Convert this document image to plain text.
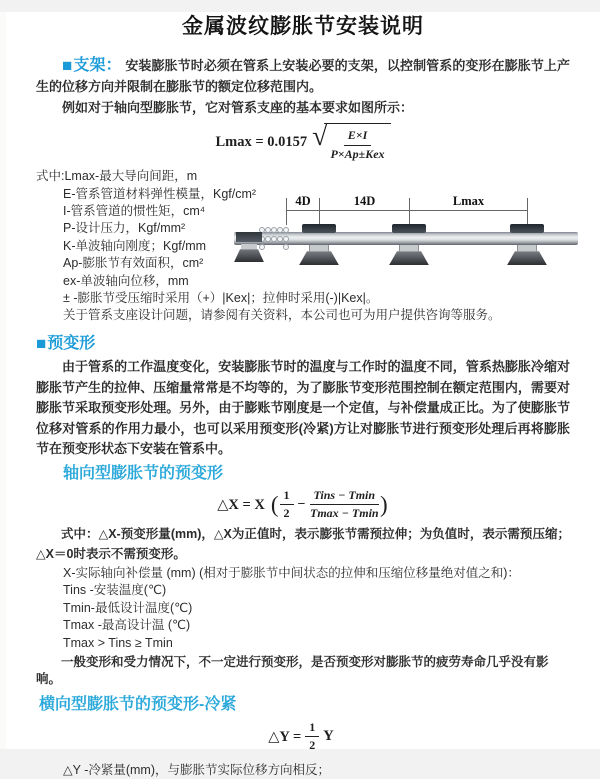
金属波纹膨胀节安装说明

■支架： 安装膨胀节时必须在管系上安装必要的支架，以控制管系的变形在膨胀节上产生的位移方向并限制在膨胀节的额定位移范围内。

例如对于轴向型膨胀节，它对管系支座的基本要求如图所示：

Lmax = 0.0157 √ $\frac{E\times I}{\text{P×Ap±Kex}}$
式中:Lmax-最大导向间距，m
E-管系管道材料弹性模量，Kgf/cm²
I-管系管道的惯性矩，cm⁴
P-设计压力，Kgf/mm²
K-单波轴向刚度；Kgf/mm
Ap-膨胀节有效面积，cm²
ex-单波轴向位移，mm
± -膨胀节受压缩时采用（+）|Kex|；拉伸时采用(-)|Kex|。
关于管系支座设计问题，请参阅有关资料，本公司也可为用户提供咨询等服务。
4D	14D	Lmax
■预变形

由于管系的工作温度变化，安装膨胀节时的温度与工作时的温度不同，管系热膨胀冷缩对膨胀节产生的拉伸、压缩量常常是不均等的，为了膨胀节变形范围控制在额定范围内，需要对膨胀节采取预变形处理。另外，由于膨账节刚度是一个定值，与补偿量成正比。为了使膨胀节位移对管系的作用力最小，也可以采用预变形(冷紧)方让对膨胀节进行预变形处理后再将膨胀节在预变形状态下安装在管系中。

轴向型膨胀节的预变形
△X = X ( $\frac{1}{2} - \frac{\text{Tins − Tmin}}{Tmax - Tmin}$ )

式中：△X-预变形量(mm)，△X为正值时，表示膨张节需预拉伸；为负值时，表示需预压缩；△X＝0时表示不需预变形。

X-实际轴向补偿量 (mm) (相对于膨胀节中间状态的拉伸和压缩位移量绝对值之和)：

Tins -安装温度(℃)

Tmin-最低设计温度(℃)

Tmax -最高设计温 (℃)

Tmax > Tins ≥ Tmin

一般变形和受力情况下，不一定进行预变形，是否预变形对膨胀节的疲劳寿命几乎没有影响。

横向型膨胀节的预变形-冷紧
△Y = $\frac{1}{2}$ Y

△Y -冷紧量(mm)，与膨胀节实际位移方向相反；
